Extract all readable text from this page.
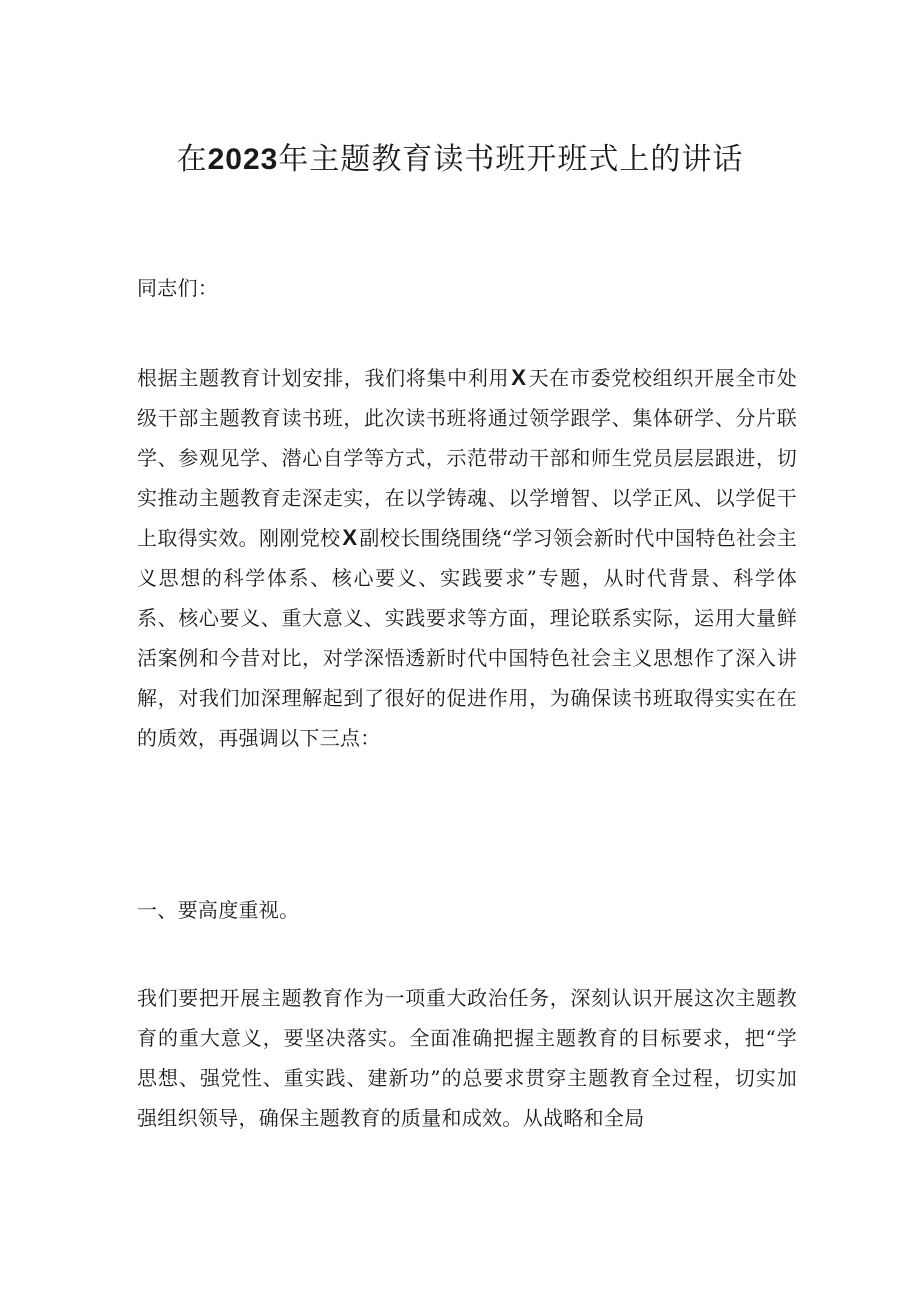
在2023年主题教育读书班开班式上的讲话

同志们：

根据主题教育计划安排，我们将集中利用X 天在市委党校组织开展全市处级干部主题教育读书班，此次读书班将通过领学跟学、集体研学、分片联学、参观见学、潜心自学等方式，示范带动干部和师生党员层层跟进，切实推动主题教育走深走实，在以学铸魂、以学增智、以学正风、以学促干上取得实效。刚刚党校X 副校长围绕围绕“学习领会新时代中国特色社会主义思想的科学体系、核心要义、实践要求”专题，从时代背景、科学体系、核心要义、重大意义、实践要求等方面，理论联系实际，运用大量鲜活案例和今昔对比，对学深悟透新时代中国特色社会主义思想作了深入讲解，对我们加深理解起到了很好的促进作用，为确保读书班取得实实在在的质效，再强调以下三点：

一、要高度重视。

我们要把开展主题教育作为一项重大政治任务，深刻认识开展这次主题教育的重大意义，要坚决落实。全面准确把握主题教育的目标要求，把“学思想、强党性、重实践、建新功”的总要求贯穿主题教育全过程，切实加强组织领导，确保主题教育的质量和成效。从战略和全局
